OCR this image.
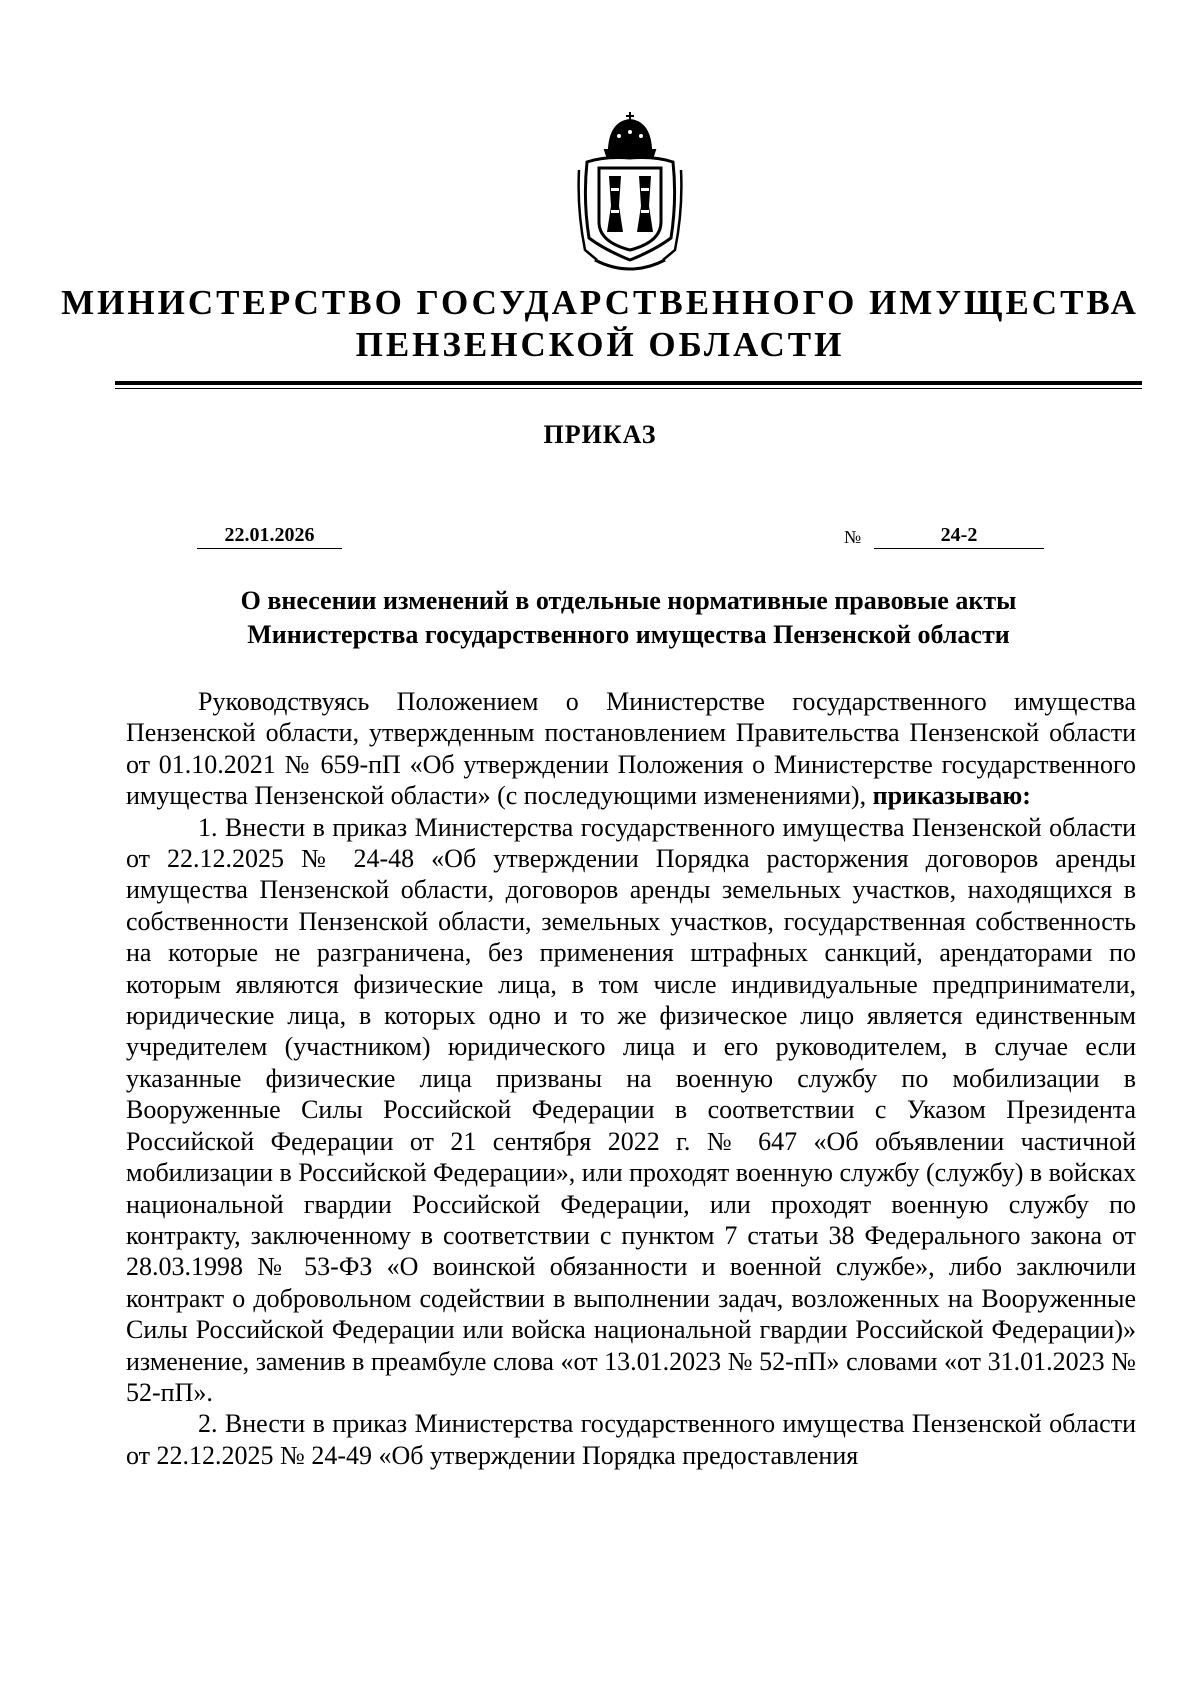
МИНИСТЕРСТВО ГОСУДАРСТВЕННОГО ИМУЩЕСТВА
ПЕНЗЕНСКОЙ ОБЛАСТИ
ПРИКАЗ
22.01.2026	№	24-2
О внесении изменений в отдельные нормативные правовые акты
Министерства государственного имущества Пензенской области

Руководствуясь Положением о Министерстве государственного имущества Пензенской области, утвержденным постановлением Правительства Пензенской области от 01.10.2021 № 659-пП «Об утверждении Положения о Министерстве государственного имущества Пензенской области» (с последующими изменениями), приказываю:

1. Внести в приказ Министерства государственного имущества Пензенской области от 22.12.2025 № 24-48 «Об утверждении Порядка расторжения договоров аренды имущества Пензенской области, договоров аренды земельных участков, находящихся в собственности Пензенской области, земельных участков, государственная собственность на которые не разграничена, без применения штрафных санкций, арендаторами по которым являются физические лица, в том числе индивидуальные предприниматели, юридические лица, в которых одно и то же физическое лицо является единственным учредителем (участником) юридического лица и его руководителем, в случае если указанные физические лица призваны на военную службу по мобилизации в Вооруженные Силы Российской Федерации в соответствии с Указом Президента Российской Федерации от 21 сентября 2022 г. № 647 «Об объявлении частичной мобилизации в Российской Федерации», или проходят военную службу (службу) в войсках национальной гвардии Российской Федерации, или проходят военную службу по контракту, заключенному в соответствии с пунктом 7 статьи 38 Федерального закона от 28.03.1998 № 53-ФЗ «О воинской обязанности и военной службе», либо заключили контракт о добровольном содействии в выполнении задач, возложенных на Вооруженные Силы Российской Федерации или войска национальной гвардии Российской Федерации)» изменение, заменив в преамбуле слова «от 13.01.2023 № 52-пП» словами «от 31.01.2023 № 52-пП».

2. Внести в приказ Министерства государственного имущества Пензенской области от 22.12.2025 № 24-49 «Об утверждении Порядка предоставления
